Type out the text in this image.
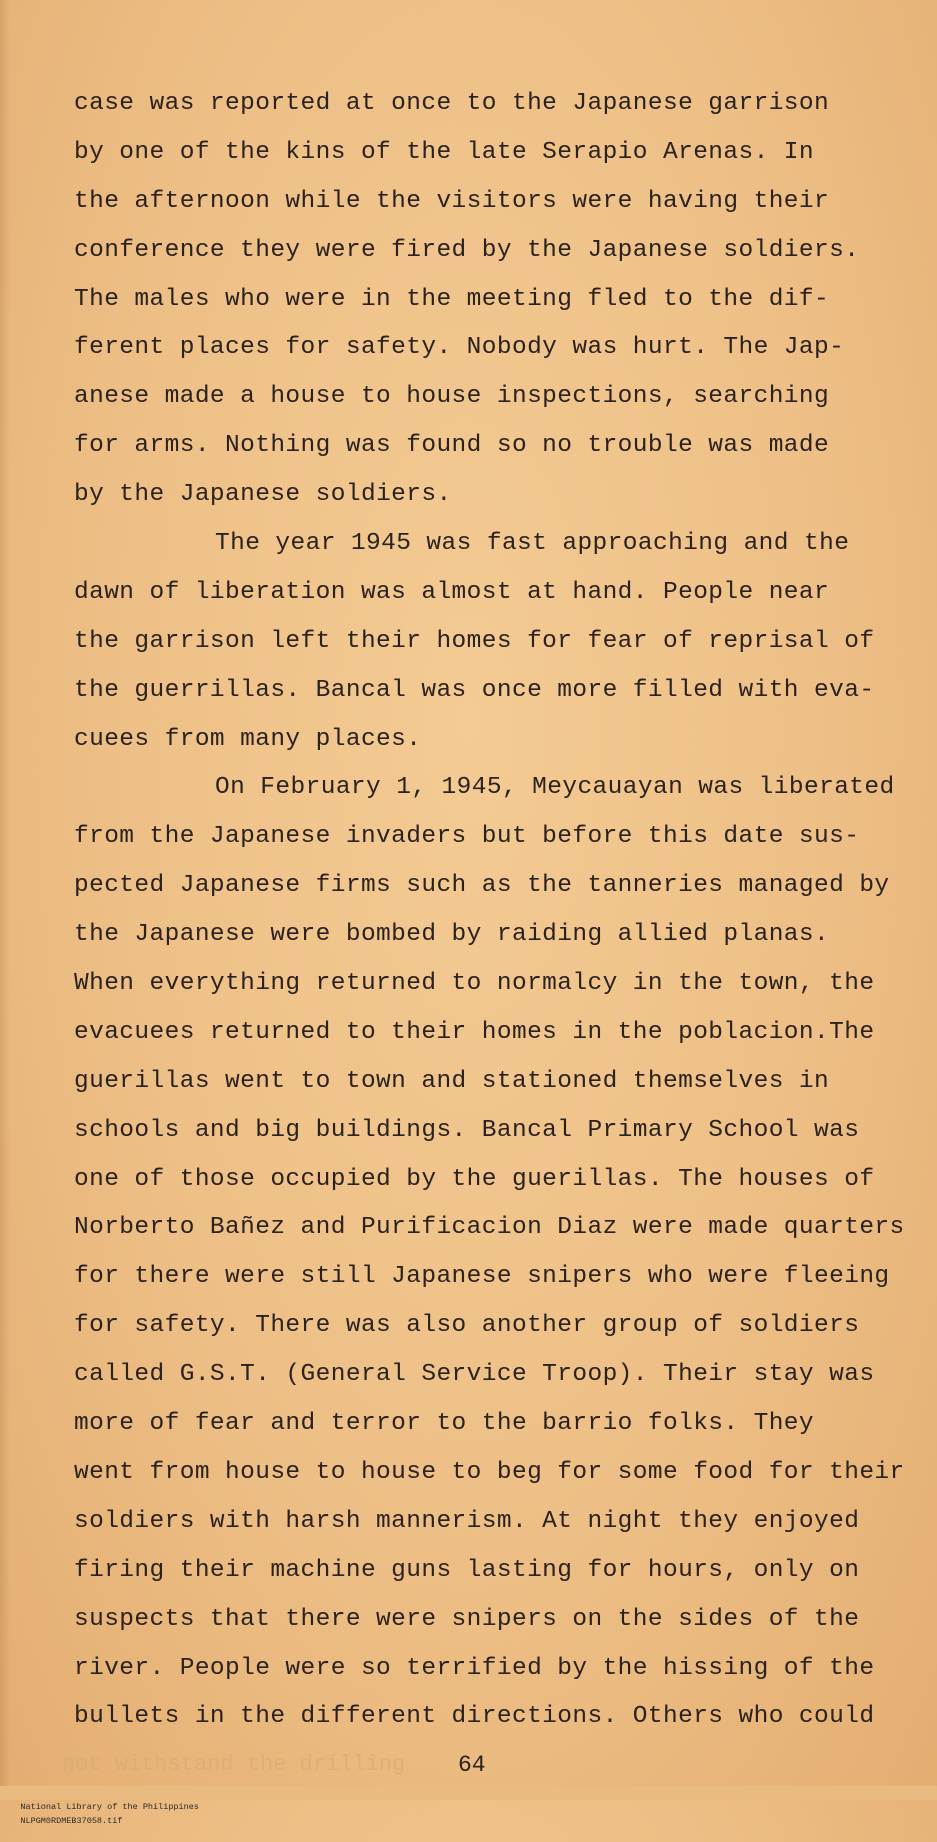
case was reported at once to the Japanese garrison
by one of the kins of the late Serapio Arenas. In
the afternoon while the visitors were having their
conference they were fired by the Japanese soldiers.
The males who were in the meeting fled to the dif-
ferent places for safety. Nobody was hurt. The Jap-
anese made a house to house inspections, searching
for arms. Nothing was found so no trouble was made
by the Japanese soldiers.
The year 1945 was fast approaching and the
dawn of liberation was almost at hand. People near
the garrison left their homes for fear of reprisal of
the guerrillas. Bancal was once more filled with eva-
cuees from many places.
On February 1, 1945, Meycauayan was liberated
from the Japanese invaders but before this date sus-
pected Japanese firms such as the tanneries managed by
the Japanese were bombed by raiding allied planas.
When everything returned to normalcy in the town, the
evacuees returned to their homes in the poblacion.The
guerillas went to town and stationed themselves in
schools and big buildings. Bancal Primary School was
one of those occupied by the guerillas. The houses of
Norberto Bañez and Purificacion Diaz were made quarters
for there were still Japanese snipers who were fleeing
for safety. There was also another group of soldiers
called G.S.T. (General Service Troop). Their stay was
more of fear and terror to the barrio folks. They
went from house to house to beg for some food for their
soldiers with harsh mannerism. At night they enjoyed
firing their machine guns lasting for hours, only on
suspects that there were snipers on the sides of the
river. People were so terrified by the hissing of the
bullets in the different directions. Others who could
not withstand the drilling 64

National Library of the Philippines
NLPGM0RDMEB37058.tif
